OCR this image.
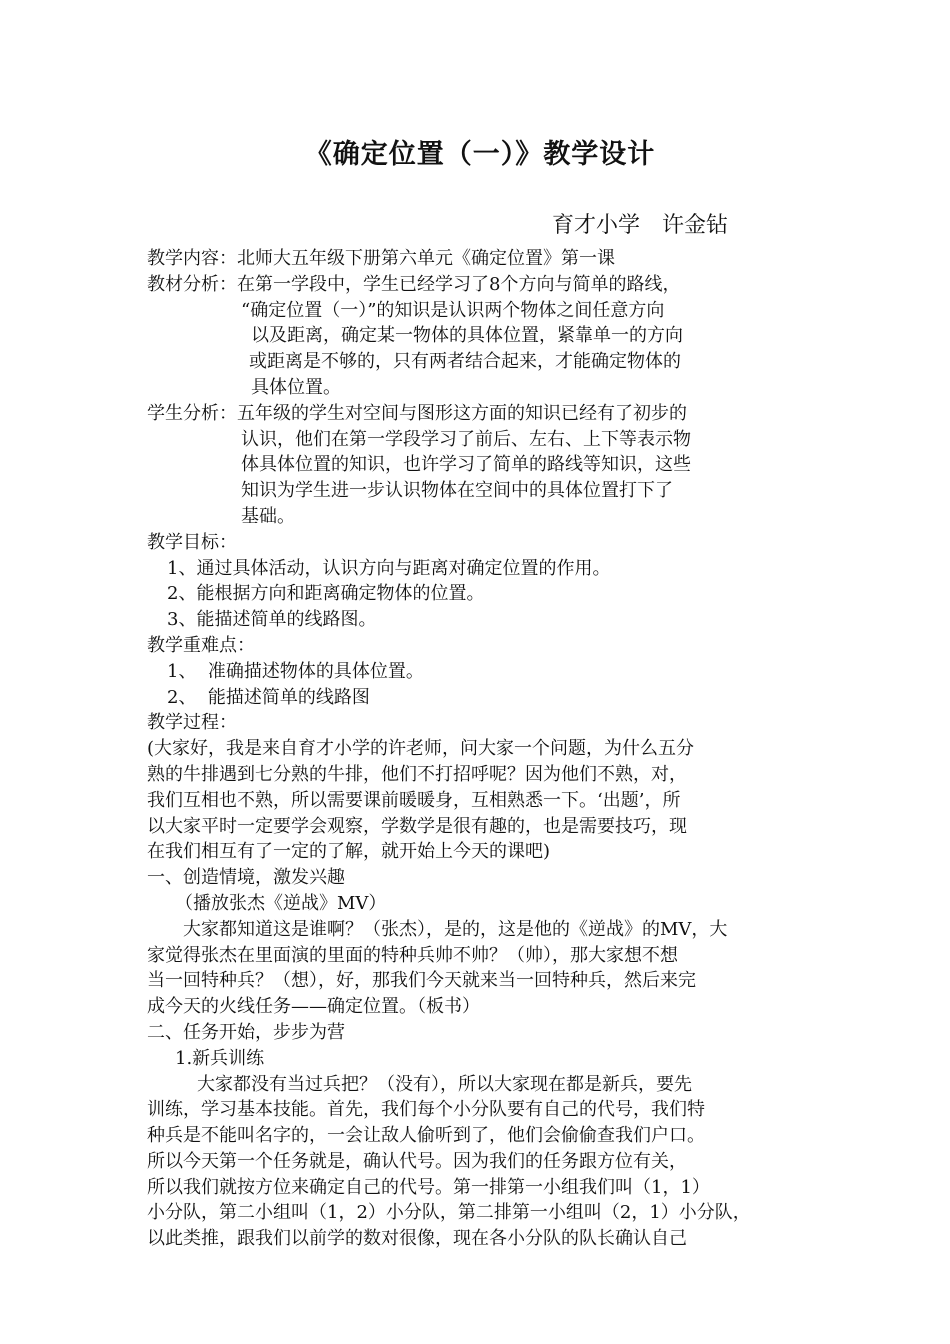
《确定位置（一）》教学设计
育才小学　许金钻
教学内容：北师大五年级下册第六单元《确定位置》第一课
教材分析： 在第一学段中，学生已经学习了8个方向与简单的路线，
“确定位置（一）”的知识是认识两个物体之间任意方向
以及距离，确定某一物体的具体位置，紧靠单一的方向
或距离是不够的，只有两者结合起来，才能确定物体的
具体位置。
学生分析： 五年级的学生对空间与图形这方面的知识已经有了初步的
认识，他们在第一学段学习了前后、左右、上下等表示物
体具体位置的知识，也许学习了简单的路线等知识，这些
知识为学生进一步认识物体在空间中的具体位置打下了
基础。
教学目标：
1、通过具体活动，认识方向与距离对确定位置的作用。
2、能根据方向和距离确定物体的位置。
3、能描述简单的线路图。
教学重难点：
1、  准确描述物体的具体位置。
2、  能描述简单的线路图
教学过程：
(大家好，我是来自育才小学的许老师，问大家一个问题，为什么五分
熟的牛排遇到七分熟的牛排，他们不打招呼呢？因为他们不熟，对，
我们互相也不熟，所以需要课前暖暖身，互相熟悉一下。‘出题’，所
以大家平时一定要学会观察，学数学是很有趣的，也是需要技巧，现
在我们相互有了一定的了解，就开始上今天的课吧)
一、创造情境，激发兴趣
（播放张杰《逆战》MV）
大家都知道这是谁啊？（张杰），是的，这是他的《逆战》的MV，大
家觉得张杰在里面演的里面的特种兵帅不帅？（帅），那大家想不想
当一回特种兵？（想），好，那我们今天就来当一回特种兵，然后来完
成今天的火线任务——确定位置。（板书）
二、任务开始，步步为营
1.新兵训练
大家都没有当过兵把？（没有），所以大家现在都是新兵，要先
训练，学习基本技能。首先，我们每个小分队要有自己的代号，我们特
种兵是不能叫名字的，一会让敌人偷听到了，他们会偷偷查我们户口。
所以今天第一个任务就是，确认代号。因为我们的任务跟方位有关，
所以我们就按方位来确定自己的代号。第一排第一小组我们叫（1，1）
小分队，第二小组叫（1，2）小分队，第二排第一小组叫（2，1）小分队，
以此类推，跟我们以前学的数对很像，现在各小分队的队长确认自己
